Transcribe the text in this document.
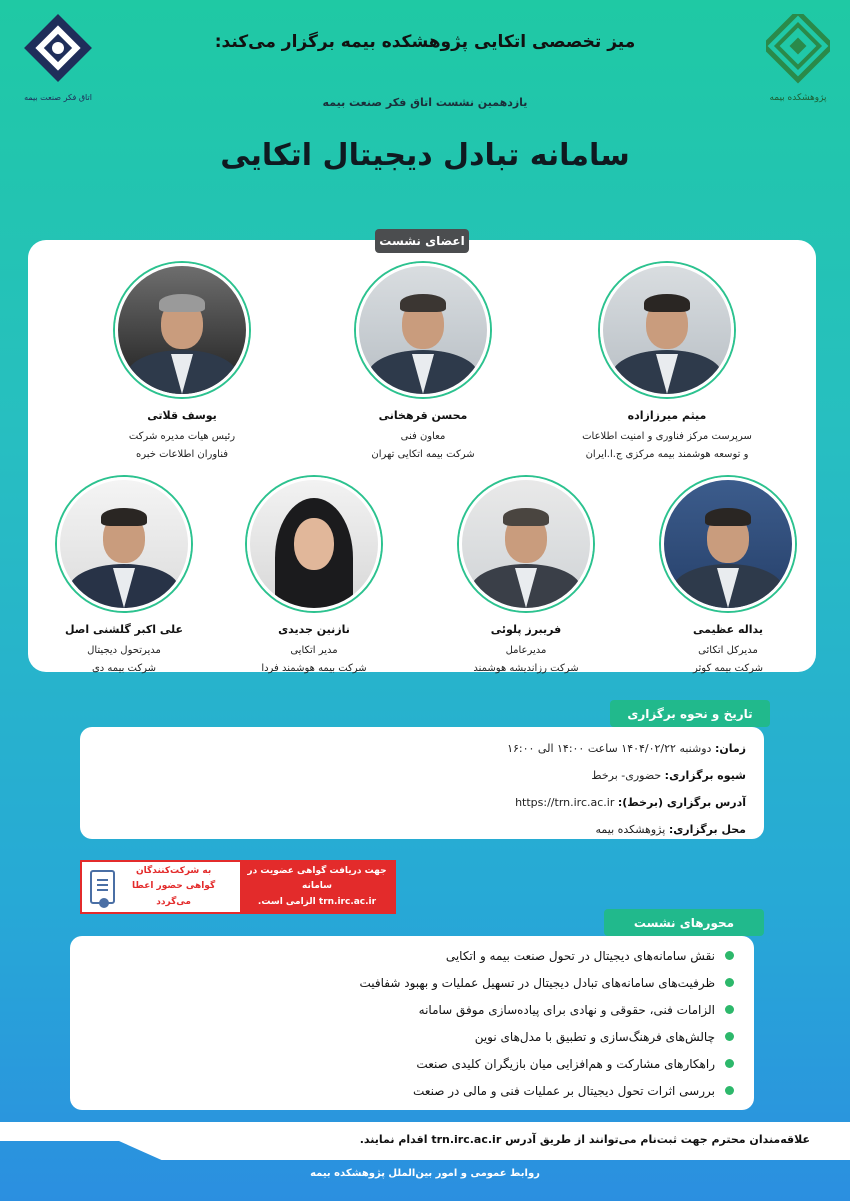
پژوهشکده بیمه
اتاق فکر صنعت بیمه
میز تخصصی اتکایی پژوهشکده بیمه برگزار می‌کند:
یازدهمین نشست اتاق فکر صنعت بیمه
سامانه تبادل دیجیتال اتکایی
اعضای نشست
میثم میرزازاده
سرپرست مرکز فناوری و امنیت اطلاعات
و توسعه هوشمند بیمه مرکزی ج.ا.ایران
محسن قرهخانی
معاون فنی
شرکت بیمه اتکایی تهران
یوسف قلاتی
رئیس هیات مدیره شرکت
فناوران اطلاعات خبره
یداله عظیمی
مدیرکل اتکائی
شرکت بیمه کوثر
فریبرز پلوئی
مدیرعامل
شرکت رزاندیشه هوشمند
نازنین جدیدی
مدیر اتکایی
شرکت بیمه هوشمند فردا
علی اکبر گلشنی اصل
مدیرتحول دیجیتال
شرکت بیمه دی
تاریخ و نحوه برگزاری
زمان: دوشنبه ۱۴۰۴/۰۲/۲۲ ساعت ۱۴:۰۰ الی ۱۶:۰۰
شیوه برگزاری: حضوری- برخط
آدرس برگزاری (برخط): https://trn.irc.ac.ir
محل برگزاری: پژوهشکده بیمه
جهت دریافت گواهی عضویت در سامانه
trn.irc.ac.ir الزامی است.
به شرکت‌کنندگان
گواهی حضور اعطا می‌گردد
محورهای نشست
نقش سامانه‌های دیجیتال در تحول صنعت بیمه و اتکایی
ظرفیت‌های سامانه‌های تبادل دیجیتال در تسهیل عملیات و بهبود شفافیت
الزامات فنی، حقوقی و نهادی برای پیاده‌سازی موفق سامانه
چالش‌های فرهنگ‌سازی و تطبیق با مدل‌های نوین
راهکارهای مشارکت و هم‌افزایی میان بازیگران کلیدی صنعت
بررسی اثرات تحول دیجیتال بر عملیات فنی و مالی در صنعت
WWW.IRC.AC.IR	علاقه‌مندان محترم جهت ثبت‌نام می‌توانند از طریق آدرس trn.irc.ac.ir اقدام نمایند.
روابط عمومی و امور بین‌الملل پژوهشکده بیمه
